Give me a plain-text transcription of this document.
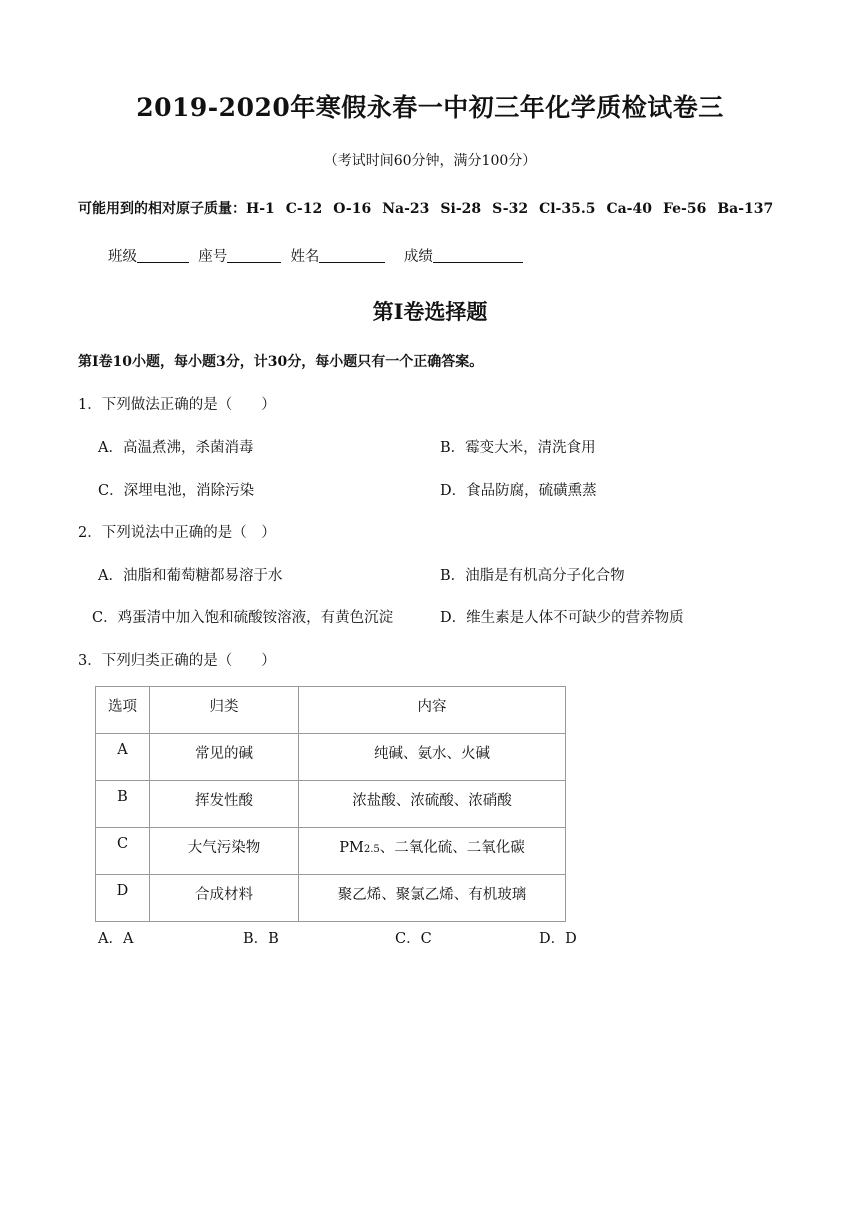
2019-2020年寒假永春一中初三年化学质检试卷三
（考试时间60分钟，满分100分）
可能用到的相对原子质量：H-1 C-12 O-16 Na-23 Si-28 S-32 Cl-35.5 Ca-40 Fe-56 Ba-137
班级	座号	姓名	成绩
第I卷选择题
第I卷10小题，每小题3分，计30分，每小题只有一个正确答案。
1．下列做法正确的是（　　）
A．高温煮沸，杀菌消毒	B．霉变大米，清洗食用
C．深埋电池，消除污染	D．食品防腐，硫磺熏蒸
2．下列说法中正确的是（　）
A．油脂和葡萄糖都易溶于水	B．油脂是有机高分子化合物
C．鸡蛋清中加入饱和硫酸铵溶液，有黄色沉淀	D．维生素是人体不可缺少的营养物质
3．下列归类正确的是（　　）
选项	归类	内容
A	常见的碱	纯碱、氨水、火碱
B	挥发性酸	浓盐酸、浓硫酸、浓硝酸
C	大气污染物	PM2.5、二氧化硫、二氧化碳
D	合成材料	聚乙烯、聚氯乙烯、有机玻璃
A．A	B．B	C．C	D．D
